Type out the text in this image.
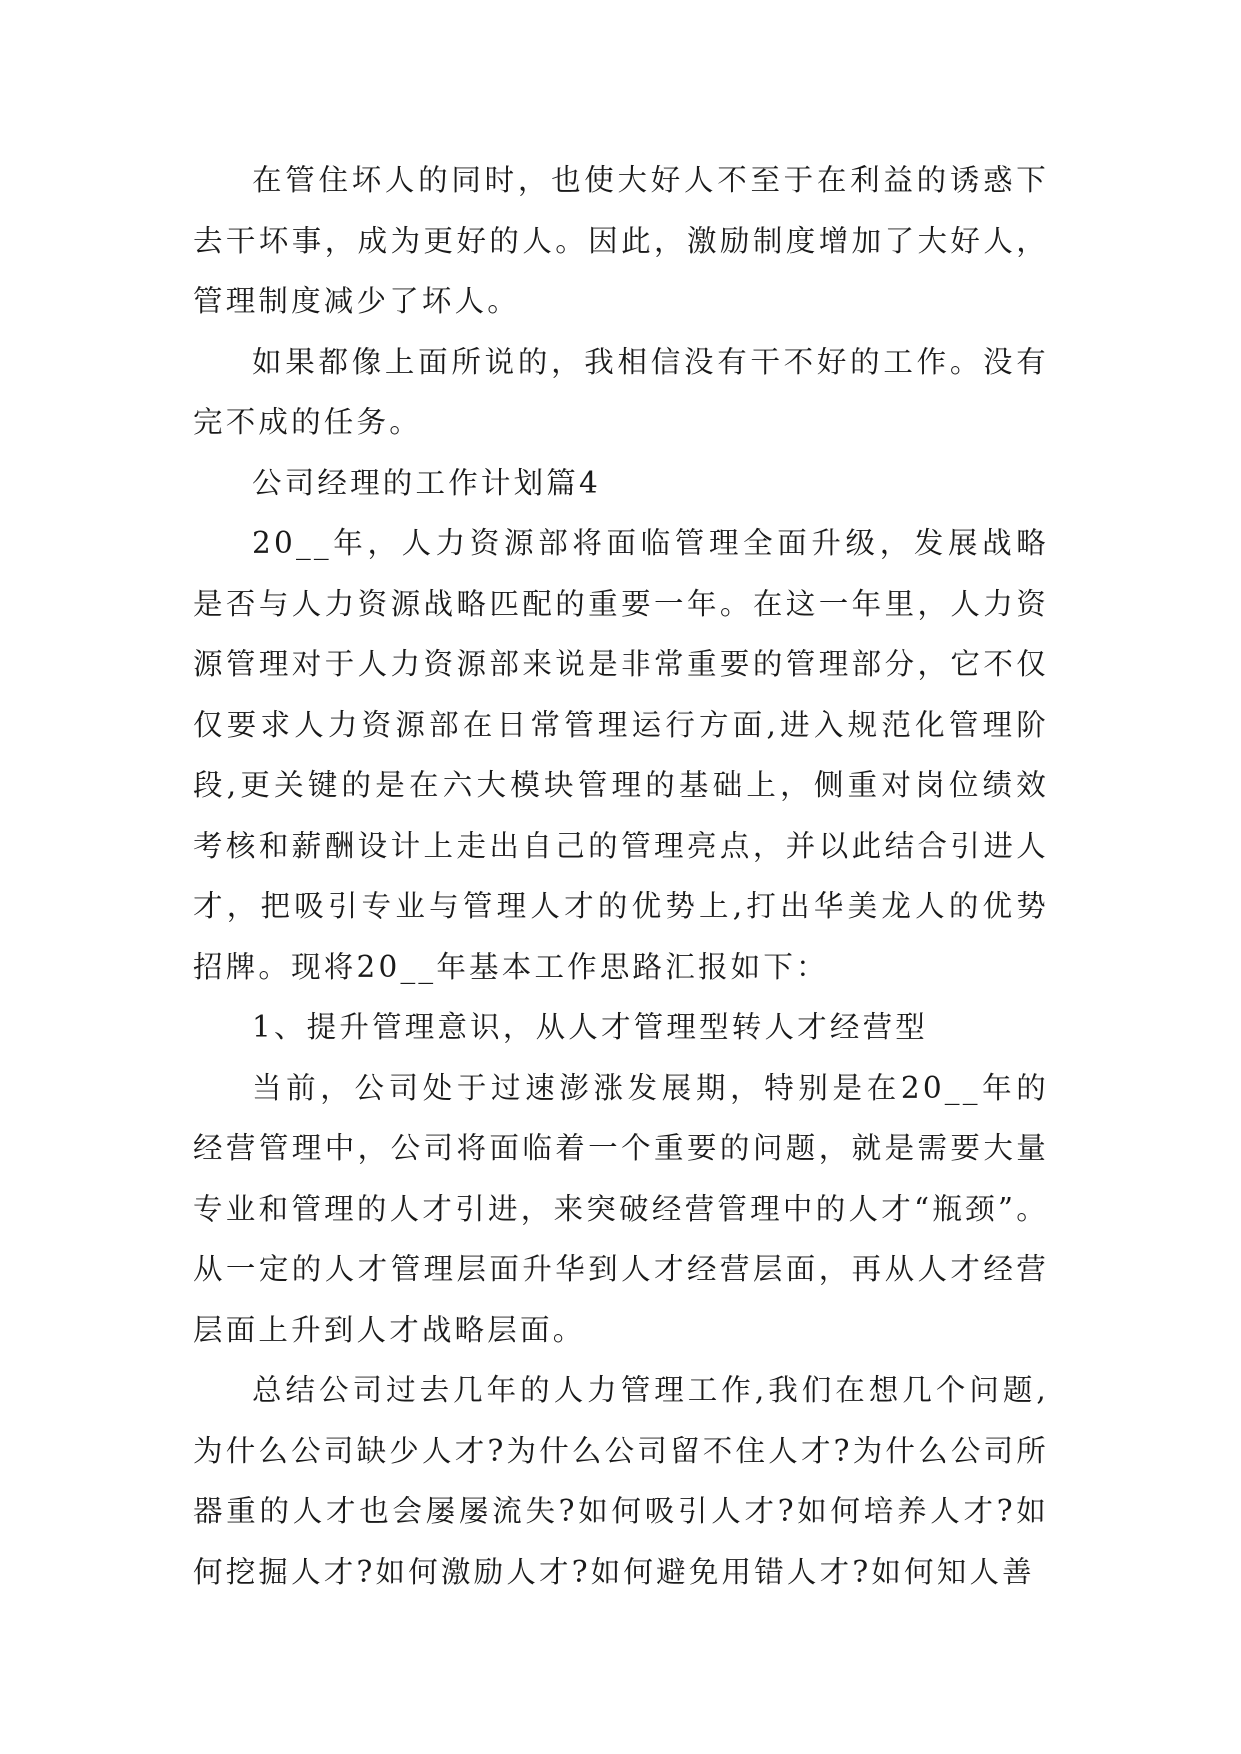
在管住坏人的同时，也使大好人不至于在利益的诱惑下去干坏事，成为更好的人。因此，激励制度增加了大好人，管理制度减少了坏人。

如果都像上面所说的，我相信没有干不好的工作。没有完不成的任务。

公司经理的工作计划篇4

20__年，人力资源部将面临管理全面升级，发展战略是否与人力资源战略匹配的重要一年。在这一年里，人力资源管理对于人力资源部来说是非常重要的管理部分，它不仅仅要求人力资源部在日常管理运行方面,进入规范化管理阶段,更关键的是在六大模块管理的基础上，侧重对岗位绩效考核和薪酬设计上走出自己的管理亮点，并以此结合引进人才，把吸引专业与管理人才的优势上,打出华美龙人的优势招牌。现将20__年基本工作思路汇报如下：

1、提升管理意识，从人才管理型转人才经营型

当前，公司处于过速澎涨发展期，特别是在20__年的经营管理中，公司将面临着一个重要的问题，就是需要大量专业和管理的人才引进，来突破经营管理中的人才“瓶颈”。从一定的人才管理层面升华到人才经营层面，再从人才经营层面上升到人才战略层面。

总结公司过去几年的人力管理工作,我们在想几个问题,为什么公司缺少人才?为什么公司留不住人才?为什么公司所器重的人才也会屡屡流失?如何吸引人才?如何培养人才?如何挖掘人才?如何激励人才?如何避免用错人才?如何知人善
